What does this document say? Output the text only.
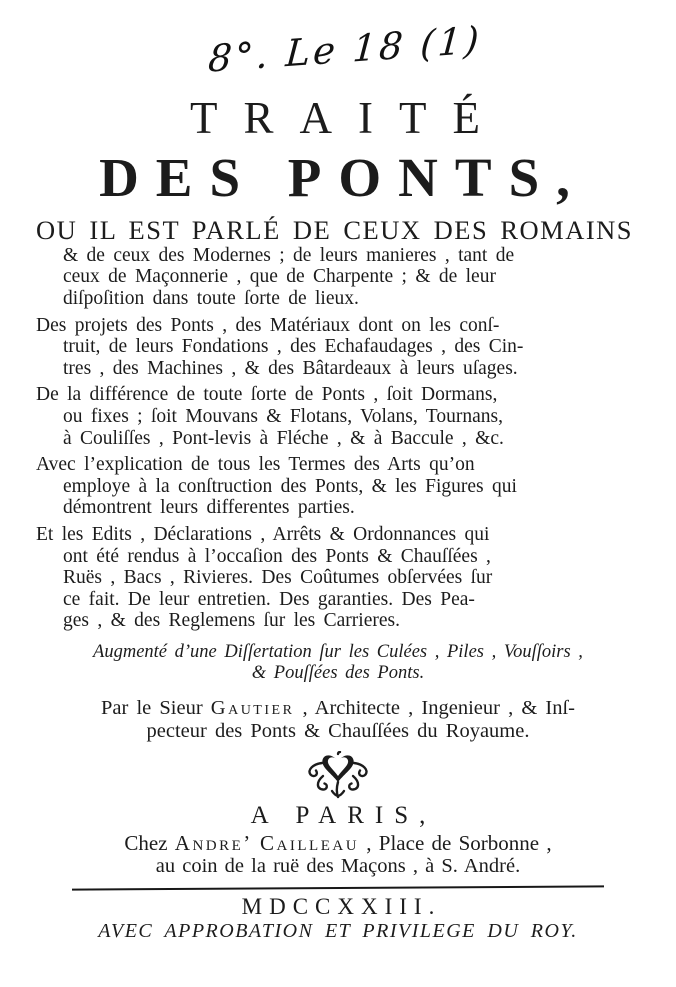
8°. Le 18 (1)
TRAITÉ
DES PONTS,
OU IL EST PARLÉ DE CEUX DES ROMAINS
& de ceux des Modernes ; de leurs manieres , tant de
ceux de Maçonnerie , que de Charpente ; & de leur
diſpoſition dans toute ſorte de lieux.
Des projets des Ponts , des Matériaux dont on les conſ-
truit, de leurs Fondations , des Echafaudages , des Cin-
tres , des Machines , & des Bâtardeaux à leurs uſages.
De la différence de toute ſorte de Ponts , ſoit Dormans,
ou fixes ; ſoit Mouvans & Flotans, Volans, Tournans,
à Couliſſes , Pont-levis à Fléche , & à Baccule , &c.
Avec l’explication de tous les Termes des Arts qu’on
employe à la conſtruction des Ponts, & les Figures qui
démontrent leurs differentes parties.
Et les Edits , Déclarations , Arrêts & Ordonnances qui
ont été rendus à l’occaſion des Ponts & Chauſſées ,
Ruës , Bacs , Rivieres. Des Coûtumes obſervées ſur
ce fait. De leur entretien. Des garanties. Des Pea-
ges , & des Reglemens ſur les Carrieres.
Augmenté d’une Diſſertation ſur les Culées , Piles , Vouſſoirs ,
& Pouſſées des Ponts.
Par le Sieur Gautier , Architecte , Ingenieur , & Inſ-
pecteur des Ponts & Chauſſées du Royaume.
A PARIS,
Chez Andre’ Cailleau , Place de Sorbonne ,
au coin de la ruë des Maçons , à S. André.
MDCCXXIII.
AVEC APPROBATION ET PRIVILEGE DU ROY.
